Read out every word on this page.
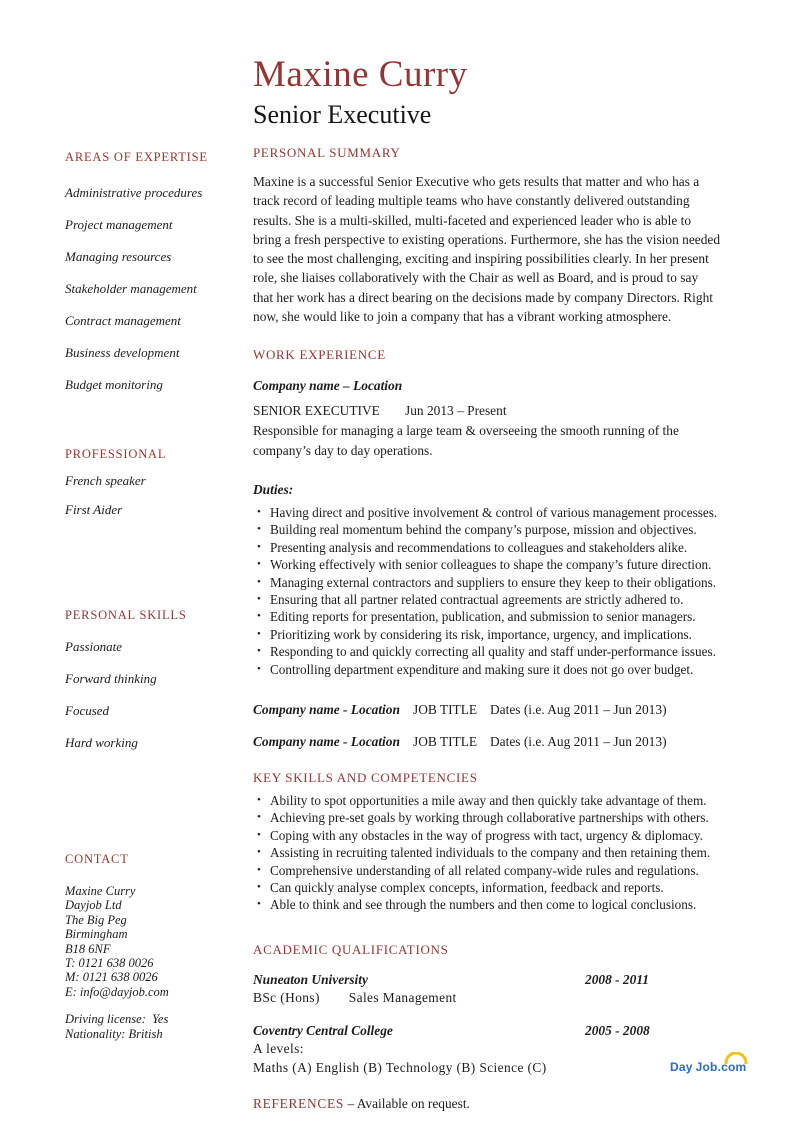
AREAS OF EXPERTISE
Administrative procedures
Project management
Managing resources
Stakeholder management
Contract management
Business development
Budget monitoring
PROFESSIONAL
French speaker
First Aider
PERSONAL SKILLS
Passionate
Forward thinking
Focused
Hard working
CONTACT
Maxine Curry
Dayjob Ltd
The Big Peg
Birmingham
B18 6NF
T: 0121 638 0026
M: 0121 638 0026
E: info@dayjob.com
Driving license:  Yes
Nationality: British
Maxine Curry
Senior Executive
PERSONAL SUMMARY

Maxine is a successful Senior Executive who gets results that matter and who has a track record of leading multiple teams who have constantly delivered outstanding results. She is a multi-skilled, multi-faceted and experienced leader who is able to bring a fresh perspective to existing operations. Furthermore, she has the vision needed to see the most challenging, exciting and inspiring possibilities clearly. In her present role, she liaises collaboratively with the Chair as well as Board, and is proud to say that her work has a direct bearing on the decisions made by company Directors. Right now, she would like to join a company that has a vibrant working atmosphere.

WORK EXPERIENCE
Company name – Location
SENIOR EXECUTIVE	Jun 2013 – Present

Responsible for managing a large team & overseeing the smooth running of the company’s day to day operations.

Duties:
• Having direct and positive involvement & control of various management processes.
• Building real momentum behind the company’s purpose, mission and objectives.
• Presenting analysis and recommendations to colleagues and stakeholders alike.
• Working effectively with senior colleagues to shape the company’s future direction.
• Managing external contractors and suppliers to ensure they keep to their obligations.
• Ensuring that all partner related contractual agreements are strictly adhered to.
• Editing reports for presentation, publication, and submission to senior managers.
• Prioritizing work by considering its risk, importance, urgency, and implications.
• Responding to and quickly correcting all quality and staff under-performance issues.
• Controlling department expenditure and making sure it does not go over budget.
Company name - Location JOB TITLE Dates (i.e. Aug 2011 – Jun 2013)
Company name - Location JOB TITLE Dates (i.e. Aug 2011 – Jun 2013)
KEY SKILLS AND COMPETENCIES
• Ability to spot opportunities a mile away and then quickly take advantage of them.
• Achieving pre-set goals by working through collaborative partnerships with others.
• Coping with any obstacles in the way of progress with tact, urgency & diplomacy.
• Assisting in recruiting talented individuals to the company and then retaining them.
• Comprehensive understanding of all related company-wide rules and regulations.
• Can quickly analyse complex concepts, information, feedback and reports.
• Able to think and see through the numbers and then come to logical conclusions.
ACADEMIC QUALIFICATIONS
Nuneaton University	2008 - 2011
BSc (Hons) Sales Management
Coventry Central College	2005 - 2008
A levels:
Maths (A) English (B) Technology (B) Science (C)
REFERENCES – Available on request.
Day Job.com
